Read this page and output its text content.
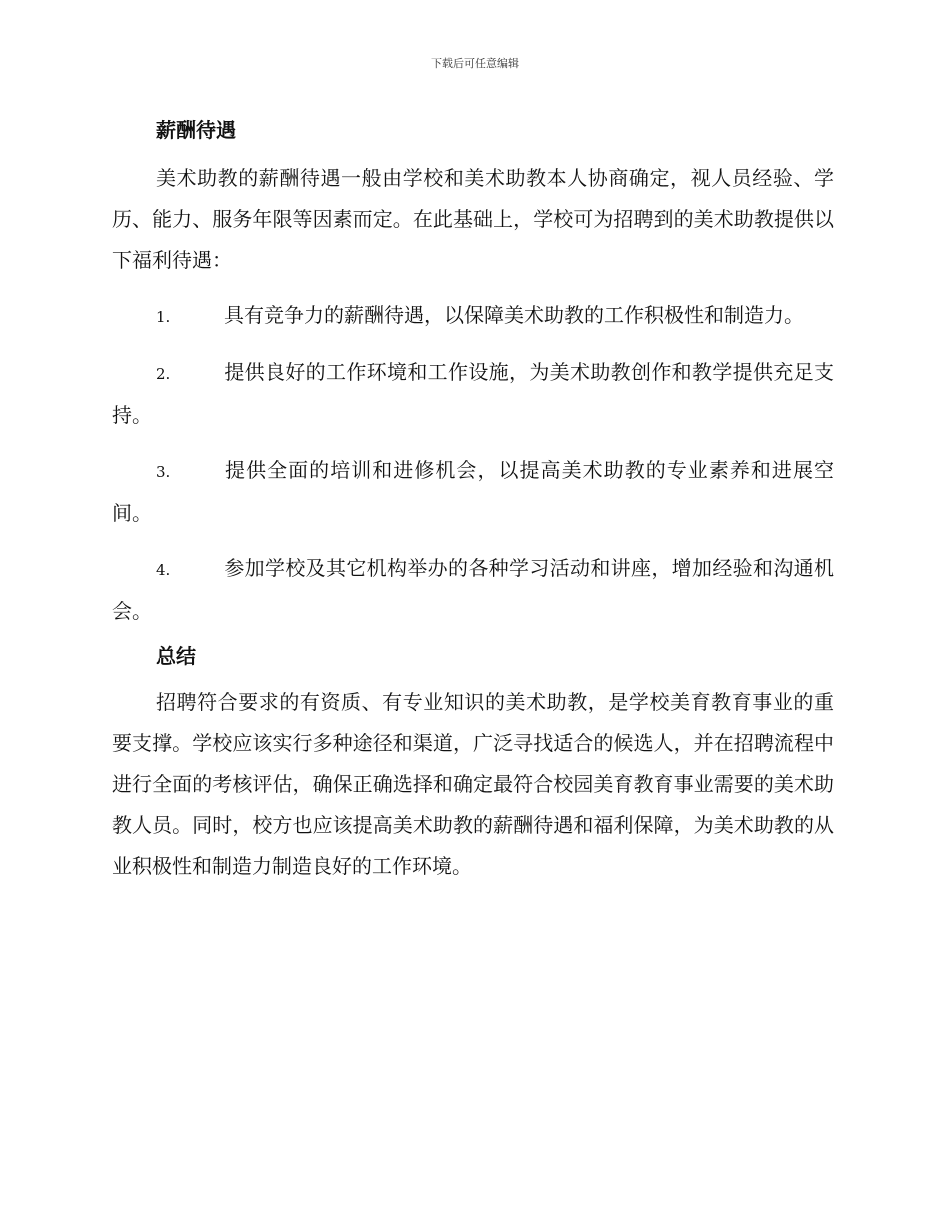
下载后可任意编辑
薪酬待遇

美术助教的薪酬待遇一般由学校和美术助教本人协商确定，视人员经验、学历、能力、服务年限等因素而定。在此基础上，学校可为招聘到的美术助教提供以下福利待遇：

1.	具有竞争力的薪酬待遇，以保障美术助教的工作积极性和制造力。

2.	提供良好的工作环境和工作设施，为美术助教创作和教学提供充足支持。

3.	提供全面的培训和进修机会，以提高美术助教的专业素养和进展空间。

4.	参加学校及其它机构举办的各种学习活动和讲座，增加经验和沟通机会。

总结

招聘符合要求的有资质、有专业知识的美术助教，是学校美育教育事业的重要支撑。学校应该实行多种途径和渠道，广泛寻找适合的候选人，并在招聘流程中进行全面的考核评估，确保正确选择和确定最符合校园美育教育事业需要的美术助教人员。同时，校方也应该提高美术助教的薪酬待遇和福利保障，为美术助教的从业积极性和制造力制造良好的工作环境。
